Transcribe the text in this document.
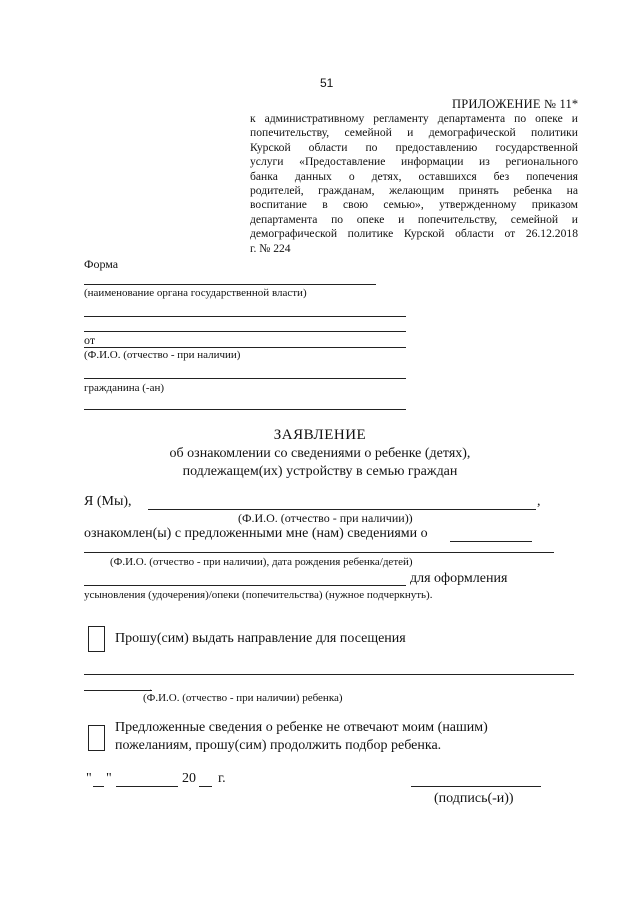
51
ПРИЛОЖЕНИЕ № 11*
к административному регламенту департамента по опеке и
попечительству, семейной и демографической политики
Курской области по предоставлению государственной
услуги «Предоставление информации из регионального
банка данных о детях, оставшихся без попечения
родителей, гражданам, желающим принять ребенка на
воспитание в свою семью», утвержденному приказом
департамента по опеке и попечительству, семейной и
демографической политике Курской области от 26.12.2018
г. № 224
Форма
(наименование органа государственной власти)
от
(Ф.И.О. (отчество - при наличии)
гражданина (-ан)
ЗАЯВЛЕНИЕ
об ознакомлении со сведениями о ребенке (детях),
подлежащем(их) устройству в семью граждан
Я (Мы),	,
(Ф.И.О. (отчество - при наличии))
ознакомлен(ы) с предложенными мне (нам) сведениями о
(Ф.И.О. (отчество - при наличии), дата рождения ребенка/детей)
для оформления
усыновления (удочерения)/опеки (попечительства) (нужное подчеркнуть).
Прошу(сим) выдать направление для посещения
.
(Ф.И.О. (отчество - при наличии) ребенка)
Предложенные сведения о ребенке не отвечают моим (нашим)
пожеланиям, прошу(сим) продолжить подбор ребенка.
" "	20 г.
(подпись(-и))
